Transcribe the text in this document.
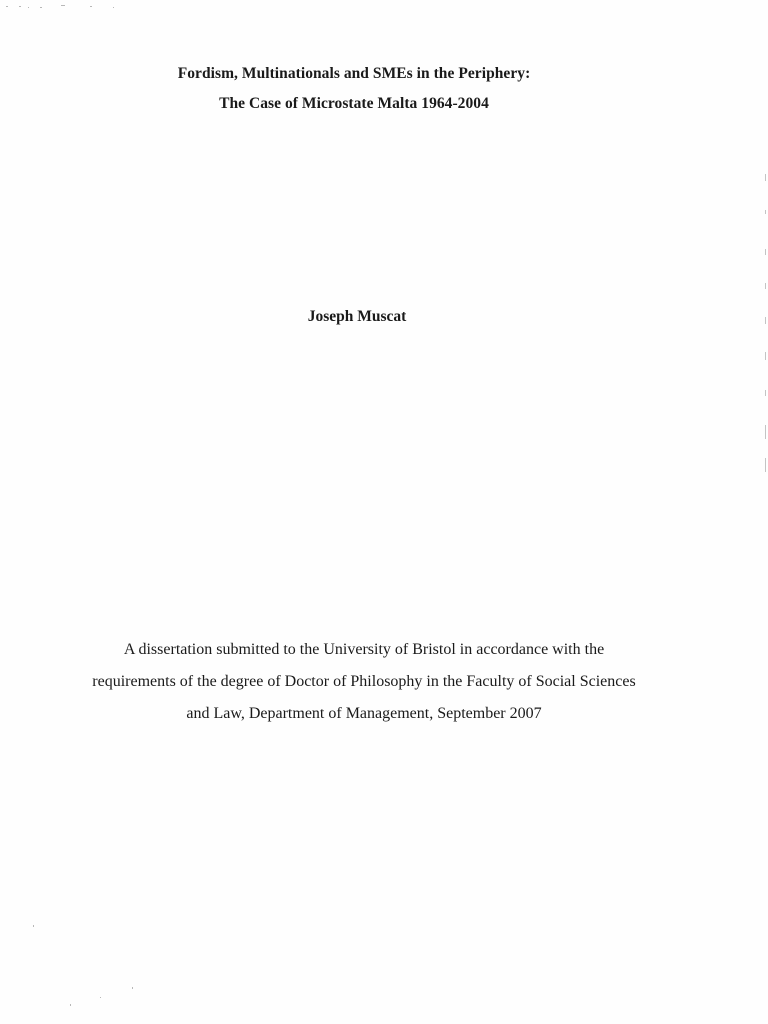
Fordism, Multinationals and SMEs in the Periphery:
The Case of Microstate Malta 1964-2004
Joseph Muscat
A dissertation submitted to the University of Bristol in accordance with the
requirements of the degree of Doctor of Philosophy in the Faculty of Social Sciences
and Law, Department of Management, September 2007
